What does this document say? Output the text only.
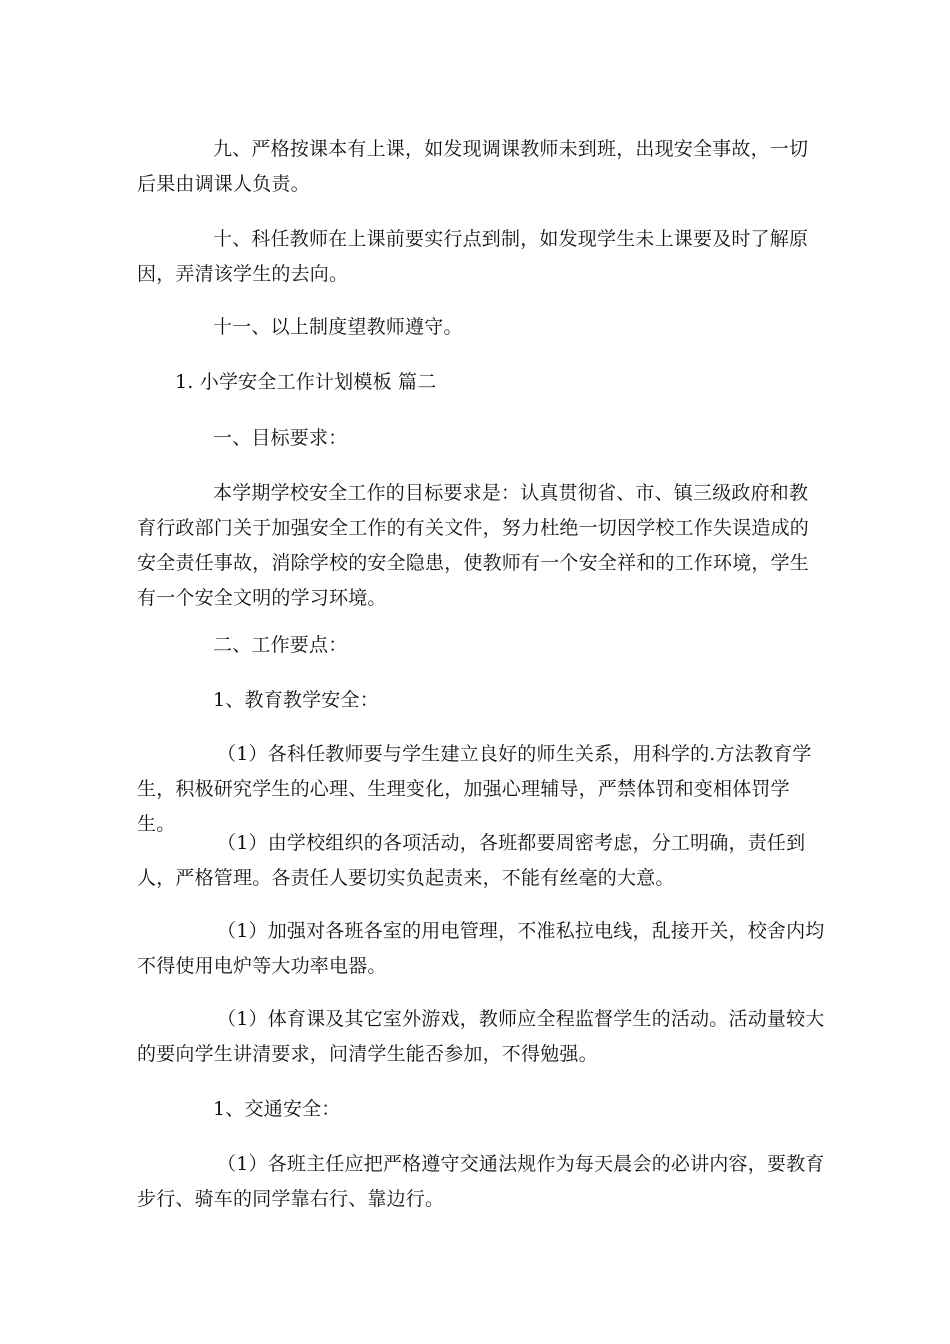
九、严格按课本有上课，如发现调课教师未到班，出现安全事故，一切后果由调课人负责。

十、科任教师在上课前要实行点到制，如发现学生未上课要及时了解原因，弄清该学生的去向。

十一、以上制度望教师遵守。

1. 小学安全工作计划模板 篇二

一、目标要求：

本学期学校安全工作的目标要求是：认真贯彻省、市、镇三级政府和教育行政部门关于加强安全工作的有关文件，努力杜绝一切因学校工作失误造成的安全责任事故，消除学校的安全隐患，使教师有一个安全祥和的工作环境，学生有一个安全文明的学习环境。

二、工作要点：

1、教育教学安全：

（1）各科任教师要与学生建立良好的师生关系，用科学的.方法教育学生，积极研究学生的心理、生理变化，加强心理辅导，严禁体罚和变相体罚学生。

（1）由学校组织的各项活动，各班都要周密考虑，分工明确，责任到人，严格管理。各责任人要切实负起责来，不能有丝毫的大意。

（1）加强对各班各室的用电管理，不准私拉电线，乱接开关，校舍内均不得使用电炉等大功率电器。

（1）体育课及其它室外游戏，教师应全程监督学生的活动。活动量较大的要向学生讲清要求，问清学生能否参加，不得勉强。

1、交通安全：

（1）各班主任应把严格遵守交通法规作为每天晨会的必讲内容，要教育步行、骑车的同学靠右行、靠边行。
